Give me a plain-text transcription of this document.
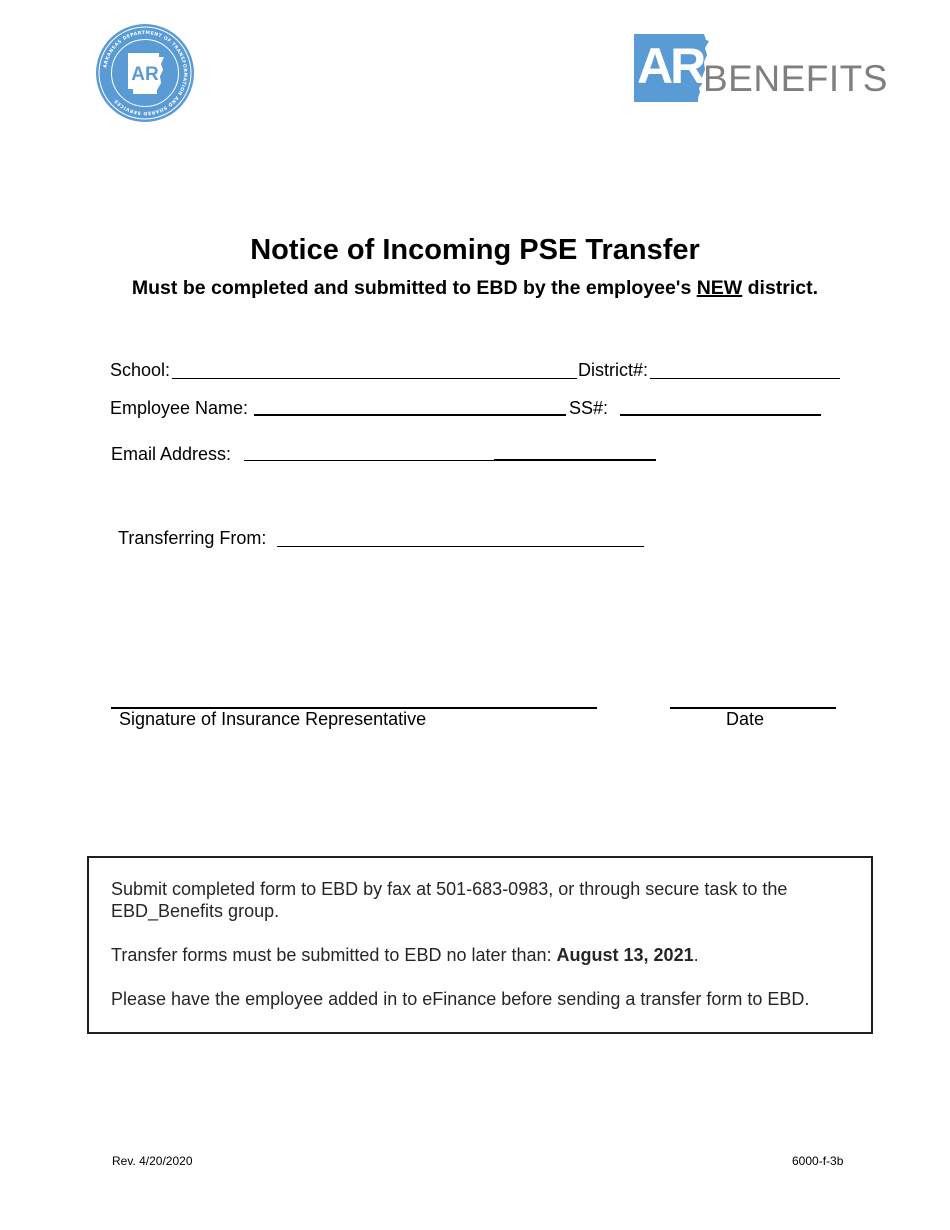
ARKANSAS DEPARTMENT OF TRANSFORMATION AND SHARED SERVICES
AR	AR BENEFITS
Notice of Incoming PSE Transfer

Must be completed and submitted to EBD by the employee's NEW district.

School:	District#:
Employee Name:	SS#:
Email Address:
Transferring From:
Signature of Insurance Representative	Date

Submit completed form to EBD by fax at 501-683-0983, or through secure task to the EBD_Benefits group.

Transfer forms must be submitted to EBD no later than: August 13, 2021.

Please have the employee added in to eFinance before sending a transfer form to EBD.

Rev. 4/20/2020	6000-f-3b
